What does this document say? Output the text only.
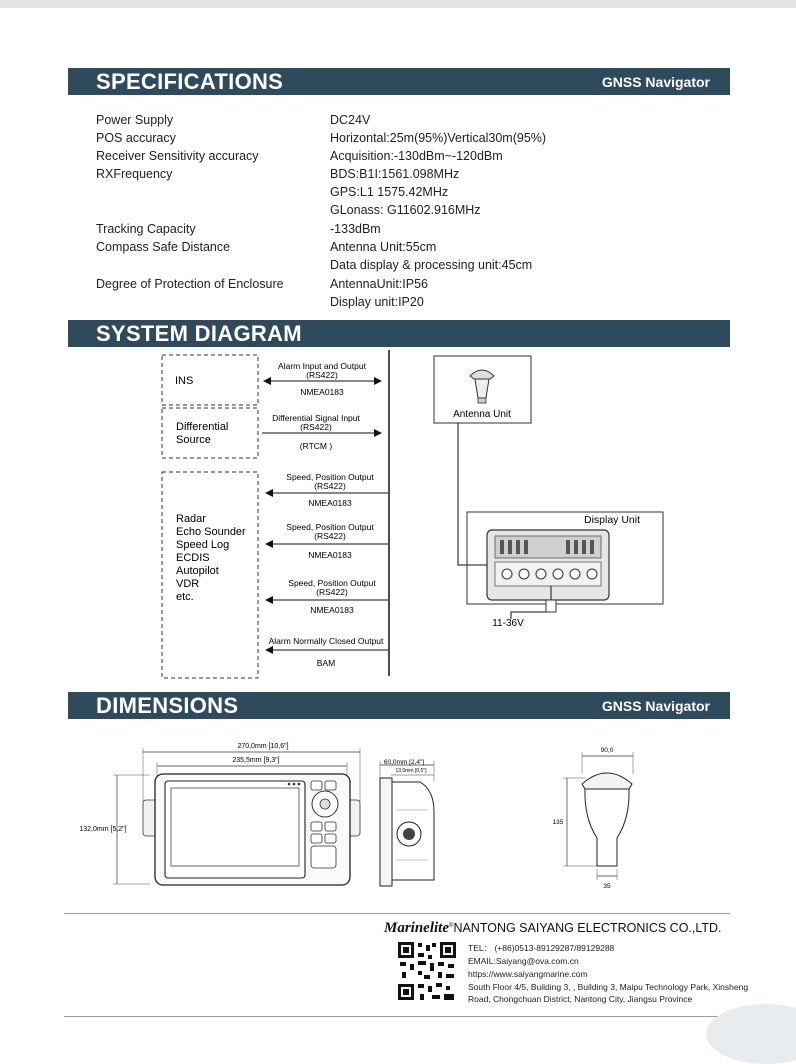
SPECIFICATIONS	GNSS Navigator
Power Supply	DC24V
POS accuracy	Horizontal:25m(95%)Vertical30m(95%)
Receiver Sensitivity accuracy	Acquisition:-130dBm~-120dBm
RXFrequency	BDS:B1I:1561.098MHz
GPS:L1 1575.42MHz
GLonass: G11602.916MHz
Tracking Capacity	-133dBm
Compass Safe Distance	Antenna Unit:55cm
Data display & processing unit:45cm
Degree of Protection of Enclosure	AntennaUnit:IP56
Display unit:IP20
SYSTEM DIAGRAM
INS
Differential
Source
Radar
Echo Sounder
Speed Log
ECDIS
Autopilot
VDR
etc.
Alarm Input and Output
(RS422)
NMEA0183
Differential Signal Input
(RS422)
(RTCM )
Speed, Position Output
(RS422)
NMEA0183
Speed, Position Output
(RS422)
NMEA0183
Speed, Position Output
(RS422)
NMEA0183
Alarm Normally Closed Output
BAM
Antenna Unit
Display Unit
11-36V
DIMENSIONS	GNSS Navigator
270,0mm [10,6"]
235,5mm [9,3"]
132,0mm [5,2"]
60,0mm [2,4"]
13,0mm [0,5"]
90,0
135
35
Marinelite®NANTONG SAIYANG ELECTRONICS CO.,LTD.
TEL： (+86)0513-89129287/89129288
EMAIL:Saiyang@ova.com.cn
https://www.saiyangmarine.com
South Floor 4/5, Building 3, , Building 3, Maipu Technology Park, Xinsheng
Road, Chongchuan District, Nantong City, Jiangsu Province
